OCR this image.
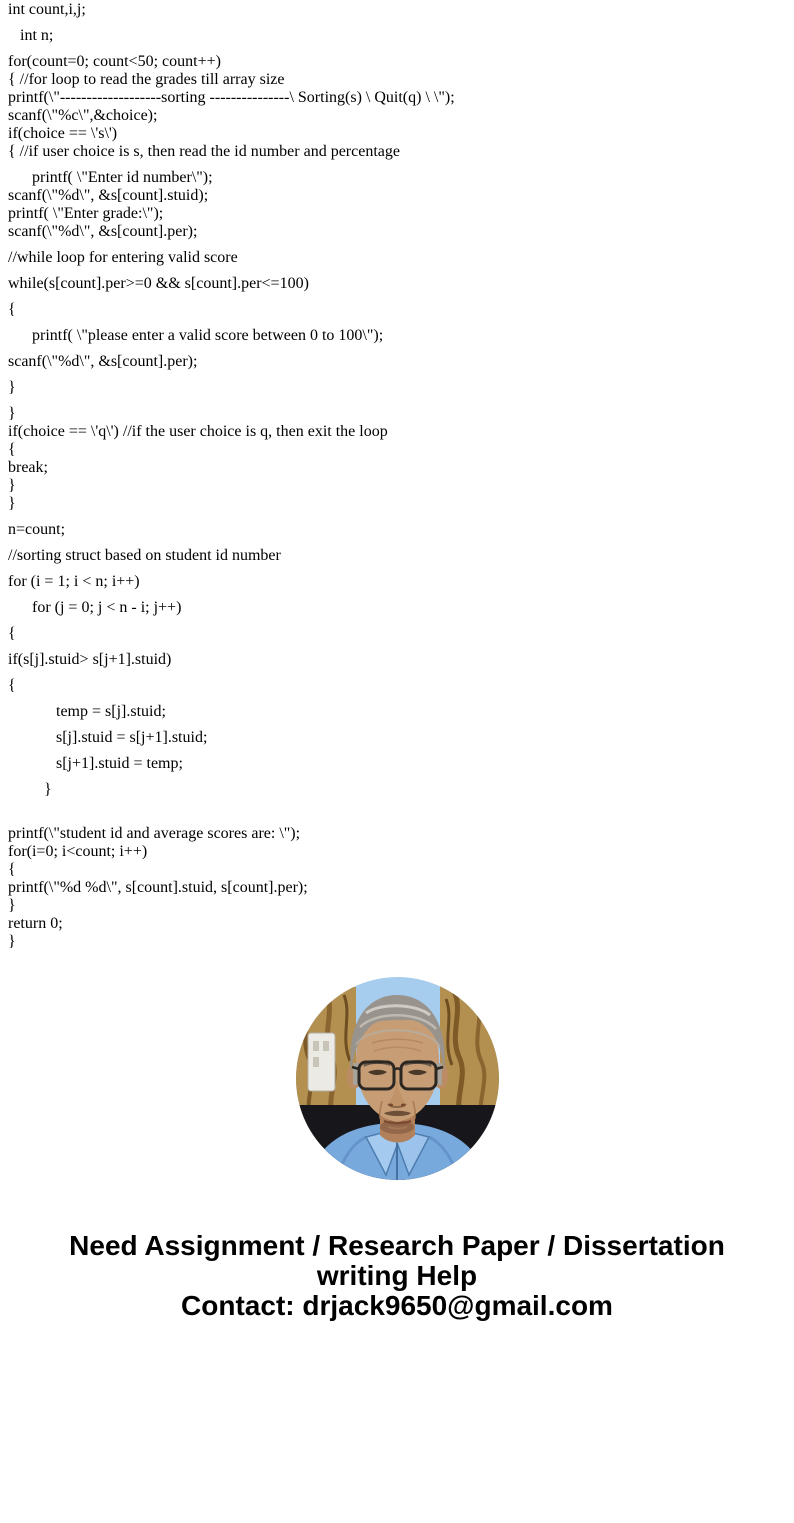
int count,i,j;
int n;
for(count=0; count<50; count++)
{ //for loop to read the grades till array size
printf(\"-------------------sorting ---------------\ Sorting(s) \ Quit(q) \ \");
scanf(\"%c\",&choice);
if(choice == \'s\')
{ //if user choice is s, then read the id number and percentage
printf( \"Enter id number\");
scanf(\"%d\", &s[count].stuid);
printf( \"Enter grade:\");
scanf(\"%d\", &s[count].per);
//while loop for entering valid score
while(s[count].per>=0 && s[count].per<=100)
{
printf( \"please enter a valid score between 0 to 100\");
scanf(\"%d\", &s[count].per);
}
}
if(choice == \'q\') //if the user choice is q, then exit the loop
{
break;
}
}
n=count;
//sorting struct based on student id number
for (i = 1; i < n; i++)
for (j = 0; j < n - i; j++)
{
if(s[j].stuid> s[j+1].stuid)
{
temp = s[j].stuid;
s[j].stuid = s[j+1].stuid;
s[j+1].stuid = temp;
}
printf(\"student id and average scores are: \");
for(i=0; i<count; i++)
{
printf(\"%d %d\", s[count].stuid, s[count].per);
}
return 0;
}
Need Assignment / Research Paper / Dissertation
writing Help
Contact: drjack9650@gmail.com
